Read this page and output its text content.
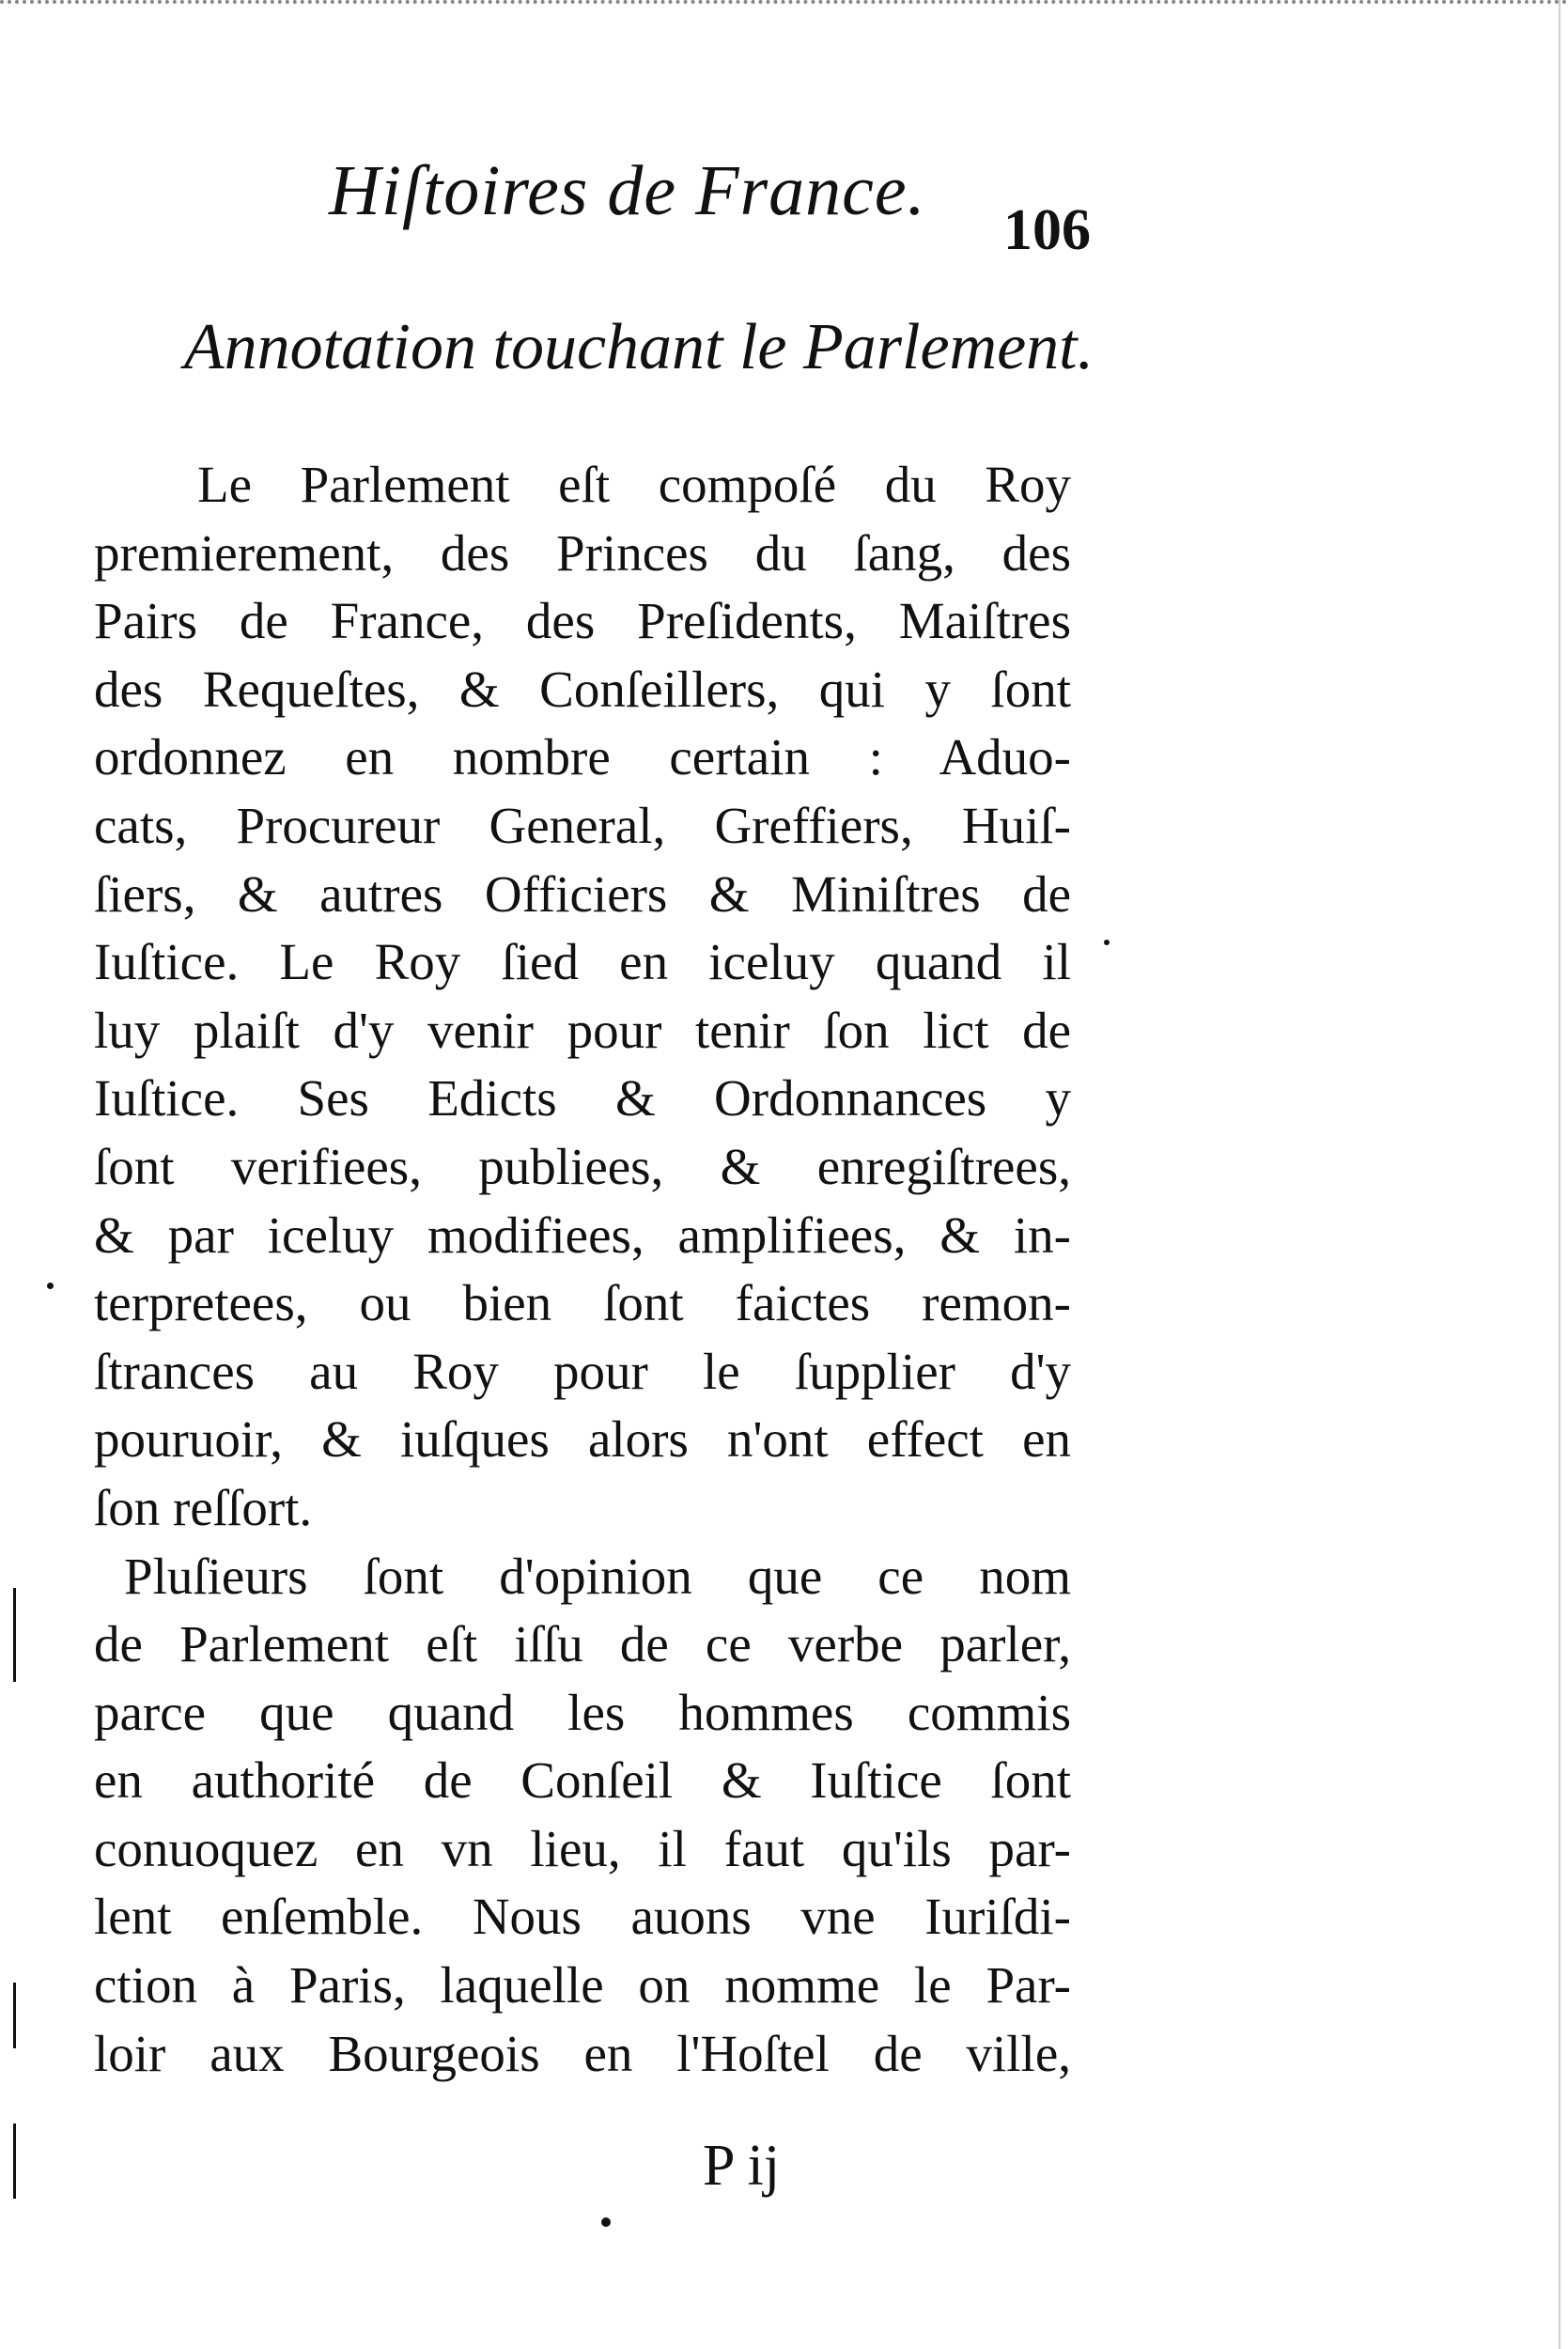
Hiſtoires de France. 106
Annotation touchant le Parlement.
Le Parlement eſt compoſé du Roy
premierement, des Princes du ſang, des
Pairs de France, des Preſidents, Maiſtres
des Requeſtes, & Conſeillers, qui y ſont
ordonnez en nombre certain : Aduo-
cats, Procureur General, Greffiers, Huiſ-
ſiers, & autres Officiers & Miniſtres de
Iuſtice. Le Roy ſied en iceluy quand il
luy plaiſt d'y venir pour tenir ſon lict de
Iuſtice. Ses Edicts & Ordonnances y
ſont verifiees, publiees, & enregiſtrees,
& par iceluy modifiees, amplifiees, & in-
terpretees, ou bien ſont faictes remon-
ſtrances au Roy pour le ſupplier d'y
pouruoir, & iuſques alors n'ont effect en
ſon reſſort.
Pluſieurs ſont d'opinion que ce nom
de Parlement eſt iſſu de ce verbe parler,
parce que quand les hommes commis
en authorité de Conſeil & Iuſtice ſont
conuoquez en vn lieu, il faut qu'ils par-
lent enſemble. Nous auons vne Iuriſdi-
ction à Paris, laquelle on nomme le Par-
loir aux Bourgeois en l'Hoſtel de ville,
P ij
